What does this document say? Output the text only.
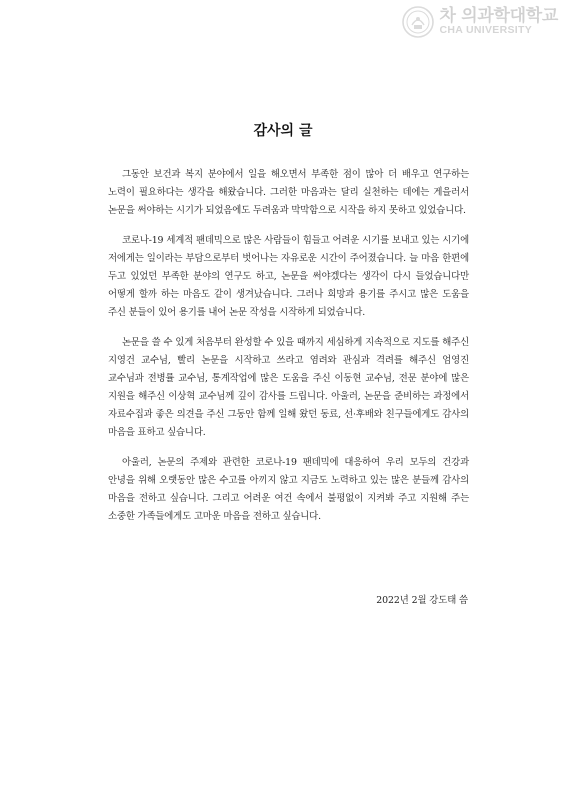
차 의과학대학교
CHA UNIVERSITY
감사의 글

그동안 보건과 복지 분야에서 일을 해오면서 부족한 점이 많아 더 배우고 연구하는 노력이 필요하다는 생각을 해왔습니다. 그러한 마음과는 달리 실천하는 데에는 게을러서 논문을 써야하는 시기가 되었음에도 두려움과 막막함으로 시작을 하지 못하고 있었습니다.

코로나-19 세계적 팬데믹으로 많은 사람들이 힘들고 어려운 시기를 보내고 있는 시기에 저에게는 일이라는 부담으로부터 벗어나는 자유로운 시간이 주어졌습니다. 늘 마음 한편에 두고 있었던 부족한 분야의 연구도 하고, 논문을 써야겠다는 생각이 다시 들었습니다만 어떻게 할까 하는 마음도 같이 생겨났습니다. 그러나 희망과 용기를 주시고 많은 도움을 주신 분들이 있어 용기를 내어 논문 작성을 시작하게 되었습니다.

논문을 쓸 수 있게 처음부터 완성할 수 있을 때까지 세심하게 지속적으로 지도를 해주신 지영건 교수님, 빨리 논문을 시작하고 쓰라고 염려와 관심과 격려를 해주신 엄영진 교수님과 전병률 교수님, 통계작업에 많은 도움을 주신 이동현 교수님, 전문 분야에 많은 지원을 해주신 이상혁 교수님께 깊이 감사를 드립니다. 아울러, 논문을 준비하는 과정에서 자료수집과 좋은 의견을 주신 그동안 함께 일해 왔던 동료, 선·후배와 친구들에게도 감사의 마음을 표하고 싶습니다.

아울러, 논문의 주제와 관련한 코로나-19 팬데믹에 대응하여 우리 모두의 건강과 안녕을 위해 오랫동안 많은 수고를 아끼지 않고 지금도 노력하고 있는 많은 분들께 감사의 마음을 전하고 싶습니다. 그리고 어려운 여건 속에서 불평없이 지켜봐 주고 지원해 주는 소중한 가족들에게도 고마운 마음을 전하고 싶습니다.

2022년 2월 강도태 씀
